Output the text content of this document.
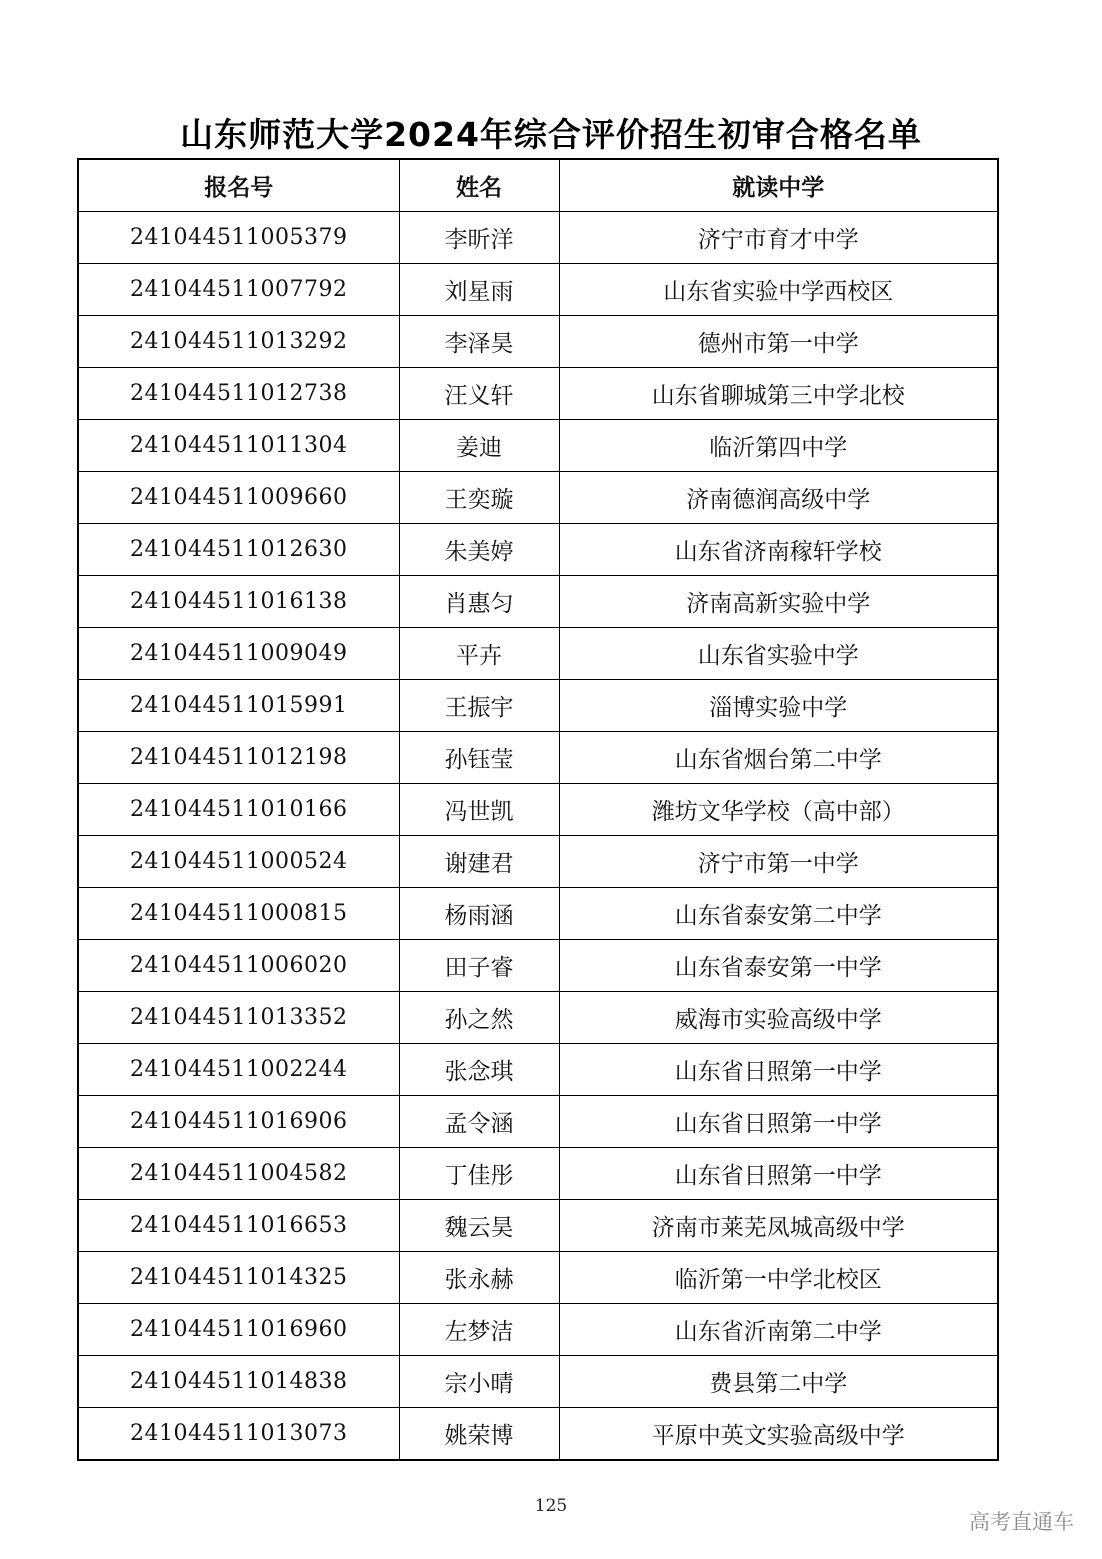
山东师范大学2024年综合评价招生初审合格名单
报名号	姓名	就读中学
241044511005379	李昕洋	济宁市育才中学
241044511007792	刘星雨	山东省实验中学西校区
241044511013292	李泽昊	德州市第一中学
241044511012738	汪义轩	山东省聊城第三中学北校
241044511011304	姜迪	临沂第四中学
241044511009660	王奕璇	济南德润高级中学
241044511012630	朱美婷	山东省济南稼轩学校
241044511016138	肖惠匀	济南高新实验中学
241044511009049	平卉	山东省实验中学
241044511015991	王振宇	淄博实验中学
241044511012198	孙钰莹	山东省烟台第二中学
241044511010166	冯世凯	潍坊文华学校（高中部）
241044511000524	谢建君	济宁市第一中学
241044511000815	杨雨涵	山东省泰安第二中学
241044511006020	田子睿	山东省泰安第一中学
241044511013352	孙之然	威海市实验高级中学
241044511002244	张念琪	山东省日照第一中学
241044511016906	孟令涵	山东省日照第一中学
241044511004582	丁佳彤	山东省日照第一中学
241044511016653	魏云昊	济南市莱芜凤城高级中学
241044511014325	张永赫	临沂第一中学北校区
241044511016960	左梦洁	山东省沂南第二中学
241044511014838	宗小晴	费县第二中学
241044511013073	姚荣博	平原中英文实验高级中学
125
高考直通车
